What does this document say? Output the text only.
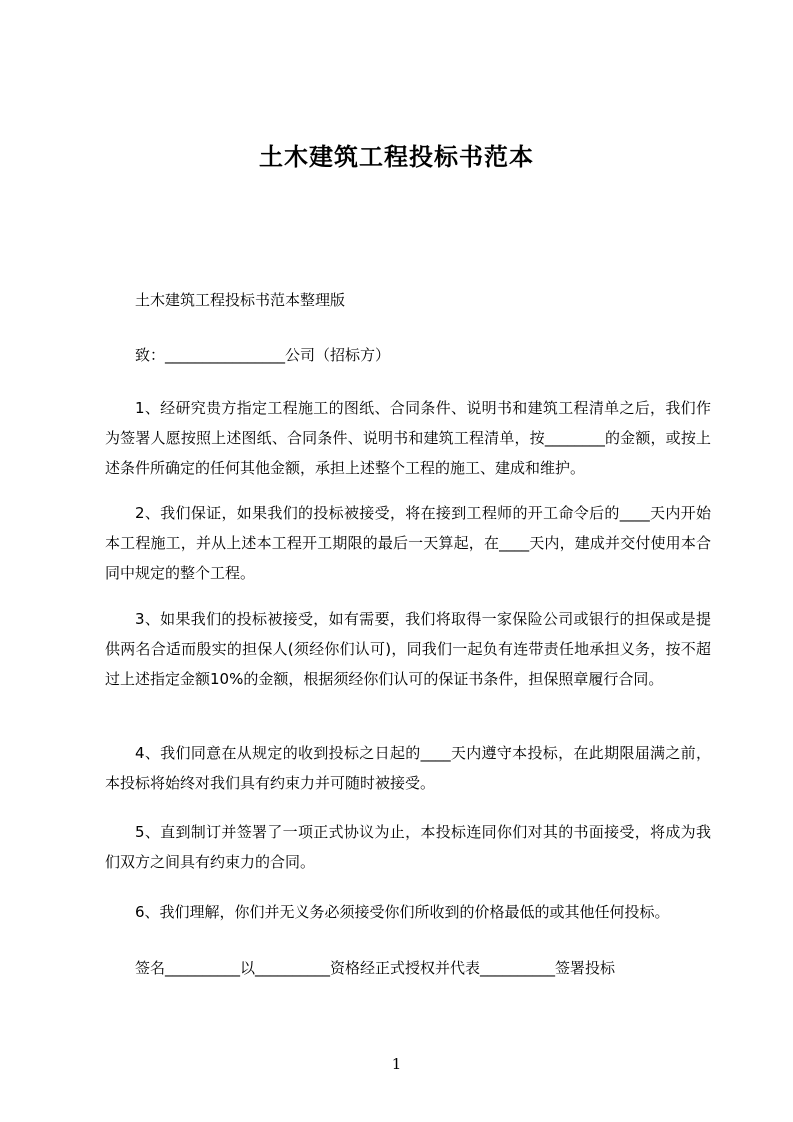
土木建筑工程投标书范本

土木建筑工程投标书范本整理版

致：________________公司（招标方）

1、经研究贵方指定工程施工的图纸、合同条件、说明书和建筑工程清单之后，我们作为签署人愿按照上述图纸、合同条件、说明书和建筑工程清单，按________的金额，或按上述条件所确定的任何其他金额，承担上述整个工程的施工、建成和维护。

2、我们保证，如果我们的投标被接受，将在接到工程师的开工命令后的____天内开始本工程施工，并从上述本工程开工期限的最后一天算起，在____天内，建成并交付使用本合同中规定的整个工程。

3、如果我们的投标被接受，如有需要，我们将取得一家保险公司或银行的担保或是提供两名合适而殷实的担保人(须经你们认可)，同我们一起负有连带责任地承担义务，按不超过上述指定金额10%的金额，根据须经你们认可的保证书条件，担保照章履行合同。

4、我们同意在从规定的收到投标之日起的____天内遵守本投标，在此期限届满之前，本投标将始终对我们具有约束力并可随时被接受。

5、直到制订并签署了一项正式协议为止，本投标连同你们对其的书面接受，将成为我们双方之间具有约束力的合同。

6、我们理解，你们并无义务必须接受你们所收到的价格最低的或其他任何投标。

签名__________以__________资格经正式授权并代表__________签署投标

1
